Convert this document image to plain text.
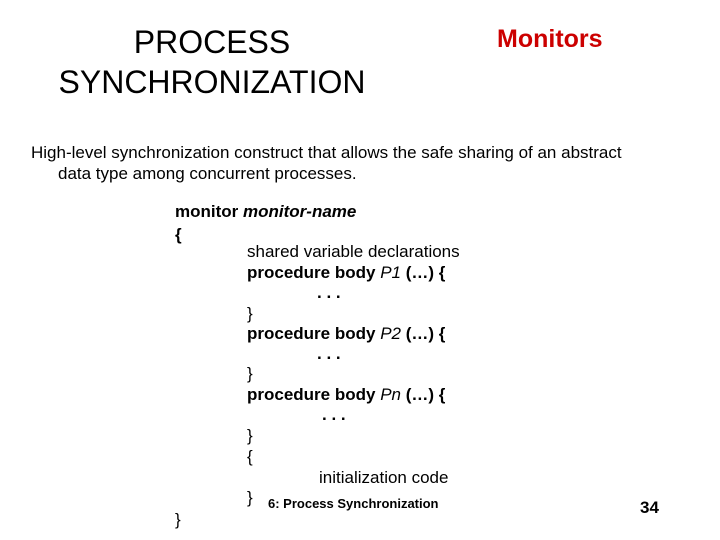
PROCESS
SYNCHRONIZATION
Monitors
High-level synchronization construct that allows the safe sharing of an abstract
data type among concurrent processes.
monitor monitor-name
{
shared variable declarations
procedure body P1 (…) {
. . .
}
procedure body P2 (…) {
. . .
}
procedure body Pn (…) {
. . .
}
{
initialization code
}
}
6: Process Synchronization	34
